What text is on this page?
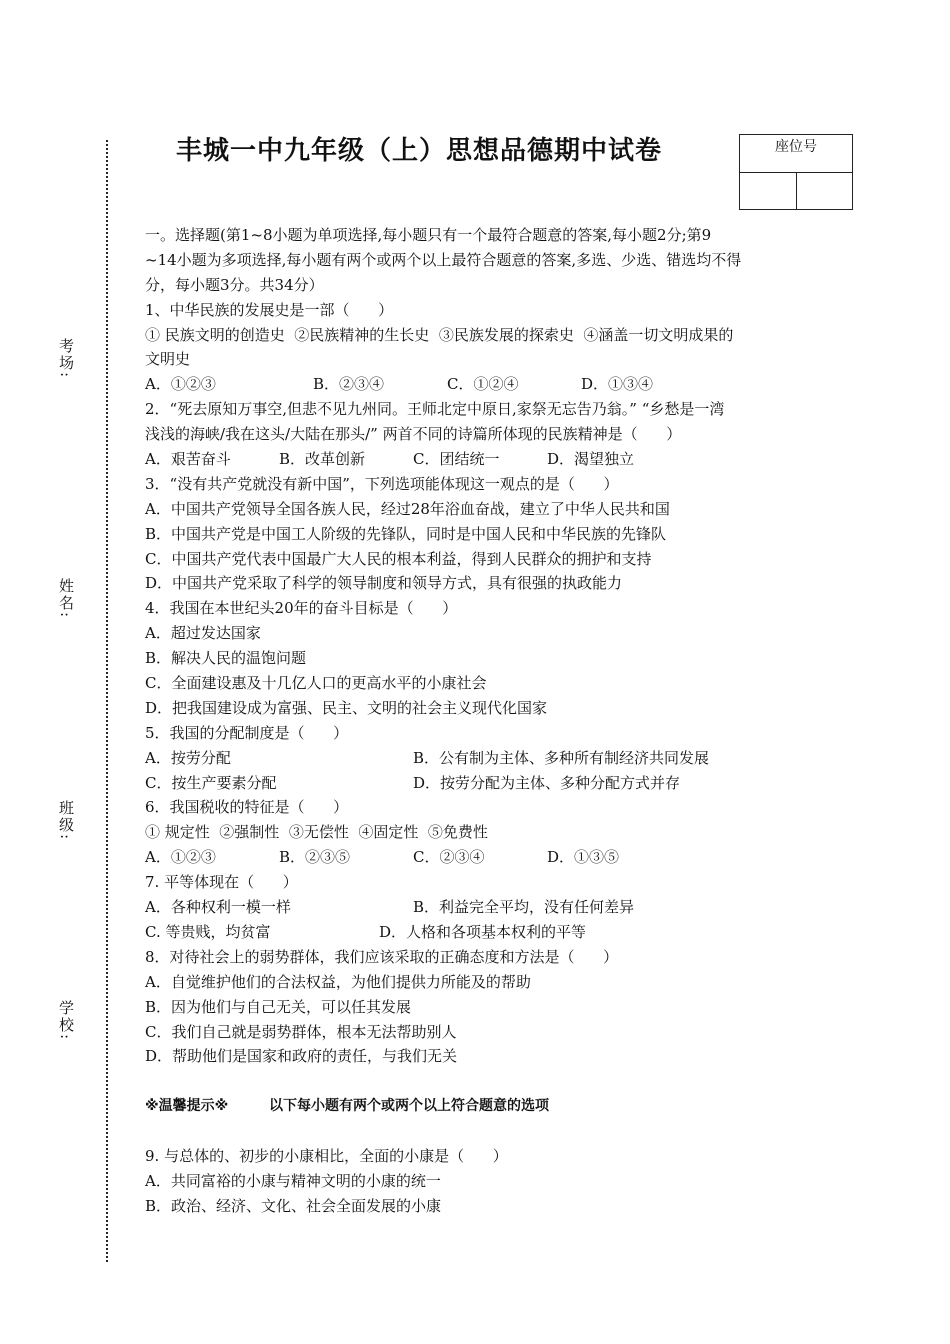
考场:
姓名:
班级:
学校:
丰城一中九年级（上）思想品德期中试卷	座位号
一。选择题(第1~8小题为单项选择,每小题只有一个最符合题意的答案,每小题2分;第9
~14小题为多项选择,每小题有两个或两个以上最符合题意的答案,多选、少选、错选均不得
分，每小题3分。共34分）
1、中华民族的发展史是一部（      ）
① 民族文明的创造史  ②民族精神的生长史  ③民族发展的探索史  ④涵盖一切文明成果的
文明史
A．①②③	B．②③④	C．①②④	D．①③④
2．“死去原知万事空,但悲不见九州同。王师北定中原日,家祭无忘告乃翁。” “乡愁是一湾
浅浅的海峡/我在这头/大陆在那头/” 两首不同的诗篇所体现的民族精神是（      ）
A．艰苦奋斗	B．改革创新	C．团结统一	D．渴望独立
3．“没有共产党就没有新中国”，下列选项能体现这一观点的是（      ）
A．中国共产党领导全国各族人民，经过28年浴血奋战，建立了中华人民共和国
B．中国共产党是中国工人阶级的先锋队，同时是中国人民和中华民族的先锋队
C．中国共产党代表中国最广大人民的根本利益，得到人民群众的拥护和支持
D．中国共产党采取了科学的领导制度和领导方式，具有很强的执政能力
4．我国在本世纪头20年的奋斗目标是（      ）
A．超过发达国家
B．解决人民的温饱问题
C．全面建设惠及十几亿人口的更高水平的小康社会
D．把我国建设成为富强、民主、文明的社会主义现代化国家
5．我国的分配制度是（      ）
A．按劳分配	B．公有制为主体、多种所有制经济共同发展
C．按生产要素分配	D．按劳分配为主体、多种分配方式并存
6．我国税收的特征是（      ）
① 规定性  ②强制性  ③无偿性  ④固定性  ⑤免费性
A．①②③	B．②③⑤	C．②③④	D．①③⑤
7. 平等体现在（      ）
A．各种权利一模一样	B．利益完全平均，没有任何差异
C. 等贵贱，均贫富	D．人格和各项基本权利的平等
8．对待社会上的弱势群体，我们应该采取的正确态度和方法是（      ）
A．自觉维护他们的合法权益，为他们提供力所能及的帮助
B．因为他们与自己无关，可以任其发展
C．我们自己就是弱势群体，根本无法帮助别人
D．帮助他们是国家和政府的责任，与我们无关
※温馨提示※	以下每小题有两个或两个以上符合题意的选项
9. 与总体的、初步的小康相比，全面的小康是（      ）
A．共同富裕的小康与精神文明的小康的统一
B．政治、经济、文化、社会全面发展的小康
